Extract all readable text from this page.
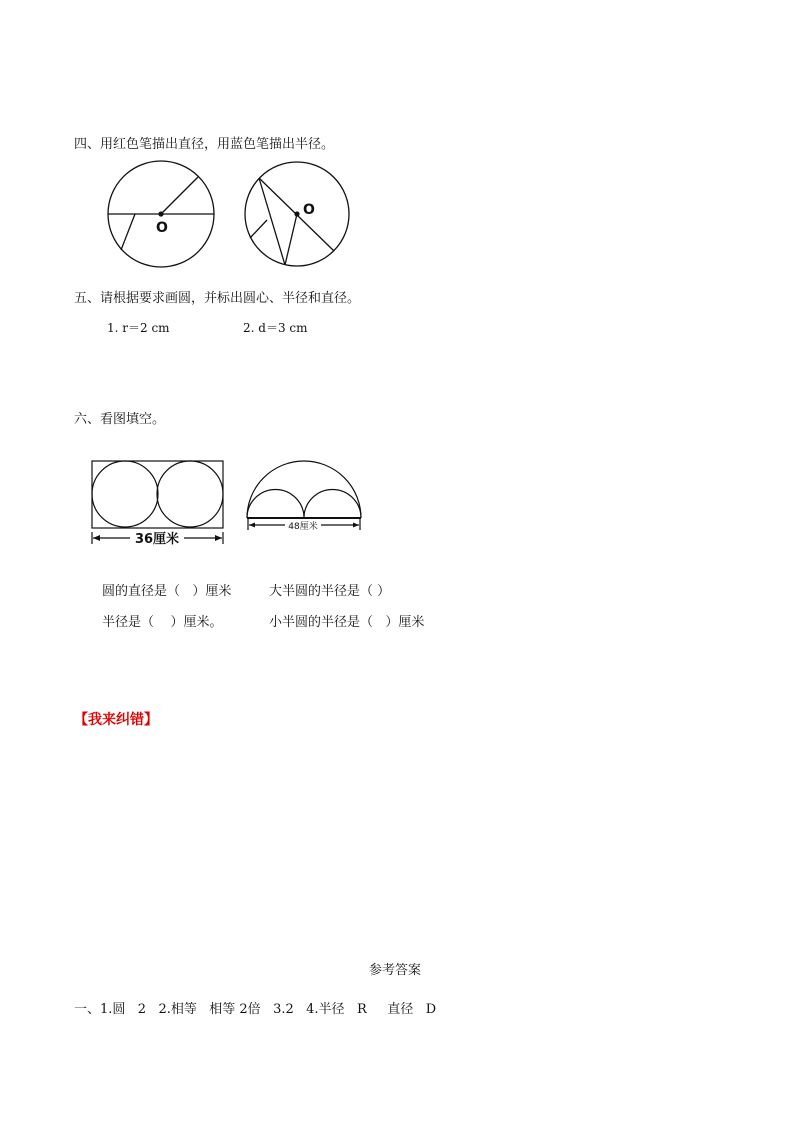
四、用红色笔描出直径，用蓝色笔描出半径。
O
O
五、请根据要求画圆，并标出圆心、半径和直径。
1. r＝2 cm	2. d＝3 cm
六、看图填空。
36厘米
48厘米
圆的直径是（   ）厘米	大半圆的半径是（ ）
半径是（    ）厘米。	小半圆的半径是（   ）厘米
【我来纠错】
参考答案
一、1.圆   2   2.相等   相等 2倍   3.2   4.半径   R     直径   D
